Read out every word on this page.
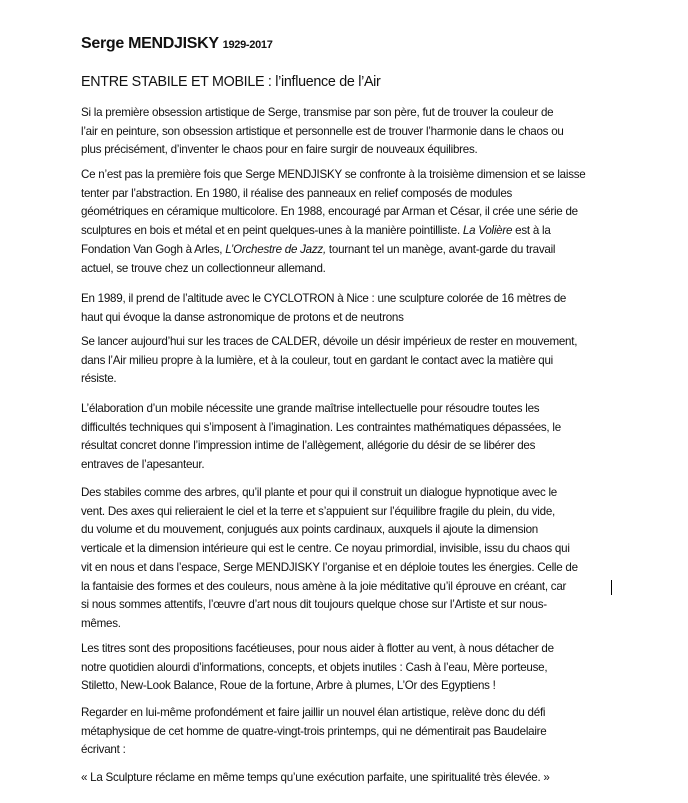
Serge MENDJISKY 1929-2017
ENTRE STABILE ET MOBILE : l’influence de l’Air
Si la première obsession artistique de Serge, transmise par son père, fut de trouver la couleur de
l’air en peinture, son obsession artistique et personnelle est de trouver l’harmonie dans le chaos ou
plus précisément, d’inventer le chaos pour en faire surgir de nouveaux équilibres.
Ce n’est pas la première fois que Serge MENDJISKY se confronte à la troisième dimension et se laisse
tenter par l’abstraction. En 1980, il réalise des panneaux en relief composés de modules
géométriques en céramique multicolore. En 1988, encouragé par Arman et César, il crée une série de
sculptures en bois et métal et en peint quelques-unes à la manière pointilliste. La Volière est à la
Fondation Van Gogh à Arles, L’Orchestre de Jazz, tournant tel un manège, avant-garde du travail
actuel, se trouve chez un collectionneur allemand.
En 1989, il prend de l’altitude avec le CYCLOTRON à Nice : une sculpture colorée de 16 mètres de
haut qui évoque la danse astronomique de protons et de neutrons
Se lancer aujourd’hui sur les traces de CALDER, dévoile un désir impérieux de rester en mouvement,
dans l’Air milieu propre à la lumière, et à la couleur, tout en gardant le contact avec la matière qui
résiste.
L’élaboration d’un mobile nécessite une grande maîtrise intellectuelle pour résoudre toutes les
difficultés techniques qui s’imposent à l’imagination. Les contraintes mathématiques dépassées, le
résultat concret donne l’impression intime de l’allègement, allégorie du désir de se libérer des
entraves de l’apesanteur.
Des stabiles comme des arbres, qu’il plante et pour qui il construit un dialogue hypnotique avec le
vent. Des axes qui relieraient le ciel et la terre et s’appuient sur l’équilibre fragile du plein, du vide,
du volume et du mouvement, conjugués aux points cardinaux, auxquels il ajoute la dimension
verticale et la dimension intérieure qui est le centre. Ce noyau primordial, invisible, issu du chaos qui
vit en nous et dans l’espace, Serge MENDJISKY l’organise et en déploie toutes les énergies. Celle de
la fantaisie des formes et des couleurs, nous amène à la joie méditative qu’il éprouve en créant, car
si nous sommes attentifs, l’œuvre d’art nous dit toujours quelque chose sur l’Artiste et sur nous-
mêmes.
Les titres sont des propositions facétieuses, pour nous aider à flotter au vent, à nous détacher de
notre quotidien alourdi d’informations, concepts, et objets inutiles : Cash à l’eau, Mère porteuse,
Stiletto, New-Look Balance, Roue de la fortune, Arbre à plumes, L’Or des Egyptiens !
Regarder en lui-même profondément et faire jaillir un nouvel élan artistique, relève donc du défi
métaphysique de cet homme de quatre-vingt-trois printemps, qui ne démentirait pas Baudelaire
écrivant :
« La Sculpture réclame en même temps qu’une exécution parfaite, une spiritualité très élevée. »
